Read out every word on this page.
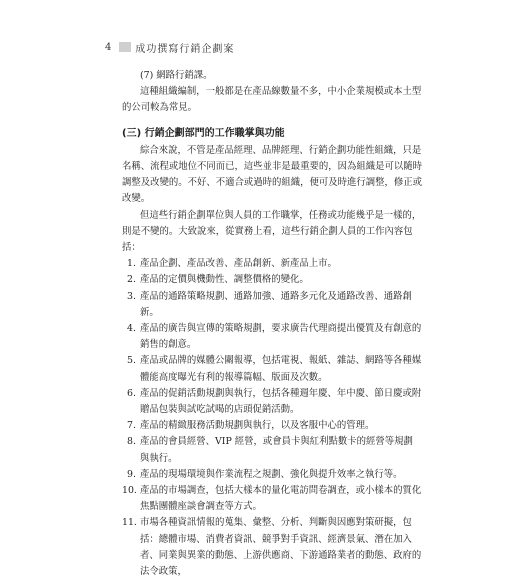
4 成功撰寫行銷企劃案

(7) 網路行銷課。

這種組織編制，一般都是在產品線數量不多，中小企業規模或本土型的公司較為常見。

(三) 行銷企劃部門的工作職掌與功能

綜合來說，不管是產品經理、品牌經理、行銷企劃功能性組織，只是名稱、流程或地位不同而已，這些並非是最重要的，因為組織是可以隨時調整及改變的。不好、不適合或過時的組織，便可及時進行調整，修正或改變。

但這些行銷企劃單位與人員的工作職掌，任務或功能幾乎是一樣的，則是不變的。大致說來，從實務上看，這些行銷企劃人員的工作內容包括：

1. 產品企劃、產品改善、產品創新、新產品上市。
2. 產品的定價與機動性、調整價格的變化。
3. 產品的通路策略規劃、通路加強、通路多元化及通路改善、通路創新。
4. 產品的廣告與宣傳的策略規劃，要求廣告代理商提出優質及有創意的銷售的創意。
5. 產品或品牌的媒體公關報導，包括電視、報紙、雜誌、網路等各種媒體能高度曝光有利的報導篇幅、版面及次數。
6. 產品的促銷活動規劃與執行，包括各種週年慶、年中慶、節日慶或附贈品包裝與試吃試喝的店頭促銷活動。
7. 產品的精緻服務活動規劃與執行，以及客服中心的管理。
8. 產品的會員經營、VIP 經營，或會員卡與紅利點數卡的經營等規劃與執行。
9. 產品的現場環境與作業流程之規劃、強化與提升效率之執行等。
10. 產品的市場調查，包括大樣本的量化電訪問卷調查，或小樣本的質化焦點團體座談會調查等方式。
11. 市場各種資訊情報的蒐集、彙整、分析、判斷與因應對策研擬，包括：總體市場、消費者資訊、競爭對手資訊、經濟景氣、潛在加入者、同業與異業的動態、上游供應商、下游通路業者的動態、政府的法令政策，
